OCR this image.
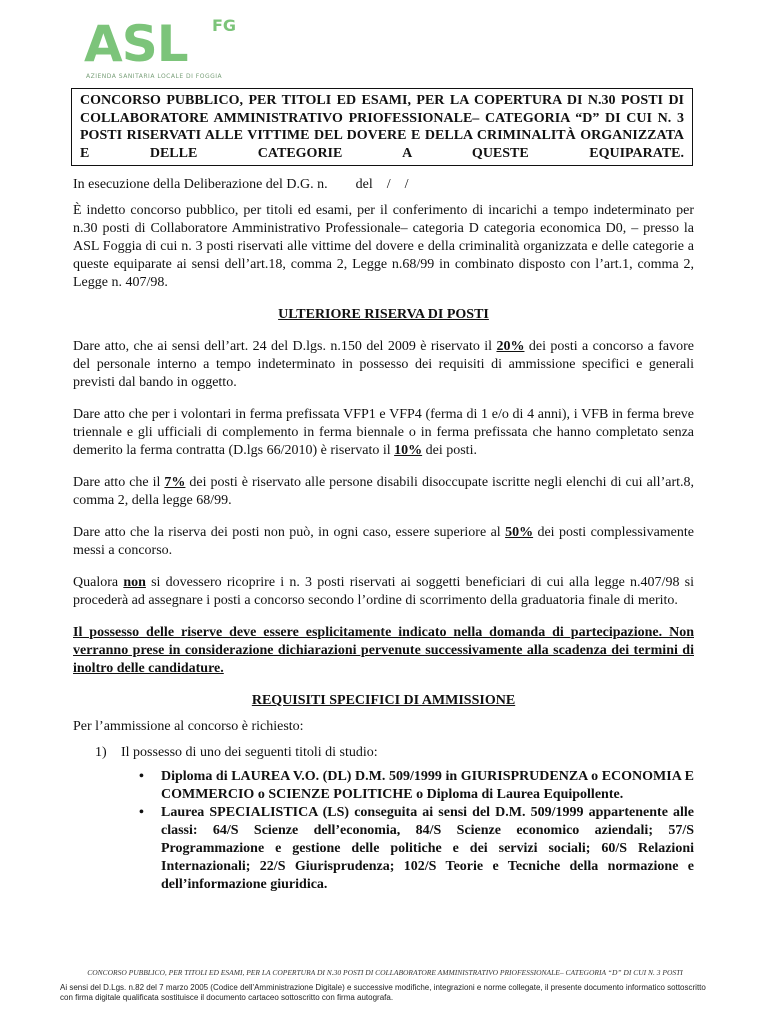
ASL FG
AZIENDA SANITARIA LOCALE DI FOGGIA
CONCORSO PUBBLICO, PER TITOLI ED ESAMI, PER LA COPERTURA DI N.30 POSTI DI COLLABORATORE AMMINISTRATIVO PRIOFESSIONALE– CATEGORIA “D” DI CUI N. 3 POSTI RISERVATI ALLE VITTIME DEL DOVERE E DELLA CRIMINALITÀ ORGANIZZATA E DELLE CATEGORIE A QUESTE EQUIPARATE.

In esecuzione della Deliberazione del D.G. n.        del    /    /

È indetto concorso pubblico, per titoli ed esami, per il conferimento di incarichi a tempo indeterminato per n.30 posti di Collaboratore Amministrativo Professionale– categoria D categoria economica D0, – presso la ASL Foggia di cui n. 3 posti riservati alle vittime del dovere e della criminalità organizzata e delle categorie a queste equiparate ai sensi dell’art.18, comma 2, Legge n.68/99 in combinato disposto con l’art.1, comma 2, Legge n. 407/98.

ULTERIORE RISERVA DI POSTI

Dare atto, che ai sensi dell’art. 24 del D.lgs. n.150 del 2009 è riservato il 20% dei posti a concorso a favore del personale interno a tempo indeterminato in possesso dei requisiti di ammissione specifici e generali previsti dal bando in oggetto.

Dare atto che per i volontari in ferma prefissata VFP1 e VFP4 (ferma di 1 e/o di 4 anni), i VFB in ferma breve triennale e gli ufficiali di complemento in ferma biennale o in ferma prefissata che hanno completato senza demerito la ferma contratta (D.lgs 66/2010) è riservato il 10% dei posti.

Dare atto che il 7% dei posti è riservato alle persone disabili disoccupate iscritte negli elenchi di cui all’art.8, comma 2, della legge 68/99.

Dare atto che la riserva dei posti non può, in ogni caso, essere superiore al 50% dei posti complessivamente messi a concorso.

Qualora non si dovessero ricoprire i n. 3 posti riservati ai soggetti beneficiari di cui alla legge n.407/98 si procederà ad assegnare i posti a concorso secondo l’ordine di scorrimento della graduatoria finale di merito.

Il possesso delle riserve deve essere esplicitamente indicato nella domanda di partecipazione. Non verranno prese in considerazione dichiarazioni pervenute successivamente alla scadenza dei termini di inoltro delle candidature.

REQUISITI SPECIFICI DI AMMISSIONE

Per l’ammissione al concorso è richiesto:

1)	Il possesso di uno dei seguenti titoli di studio:
•	Diploma di LAUREA V.O. (DL) D.M. 509/1999 in GIURISPRUDENZA o ECONOMIA E COMMERCIO o SCIENZE POLITICHE o Diploma di Laurea Equipollente.
•	Laurea SPECIALISTICA (LS) conseguita ai sensi del D.M. 509/1999 appartenente alle classi: 64/S Scienze dell’economia, 84/S Scienze economico aziendali; 57/S Programmazione e gestione delle politiche e dei servizi sociali; 60/S Relazioni Internazionali; 22/S Giurisprudenza; 102/S Teorie e Tecniche della normazione e dell’informazione giuridica.
CONCORSO PUBBLICO, PER TITOLI ED ESAMI, PER LA COPERTURA DI N.30 POSTI DI COLLABORATORE AMMINISTRATIVO PRIOFESSIONALE– CATEGORIA “D” DI CUI N. 3 POSTI
Ai sensi del D.Lgs. n.82 del 7 marzo 2005 (Codice dell'Amministrazione Digitale) e successive modifiche, integrazioni e norme collegate, il presente documento informatico sottoscritto con firma digitale qualificata sostituisce il documento cartaceo sottoscritto con firma autografa.
